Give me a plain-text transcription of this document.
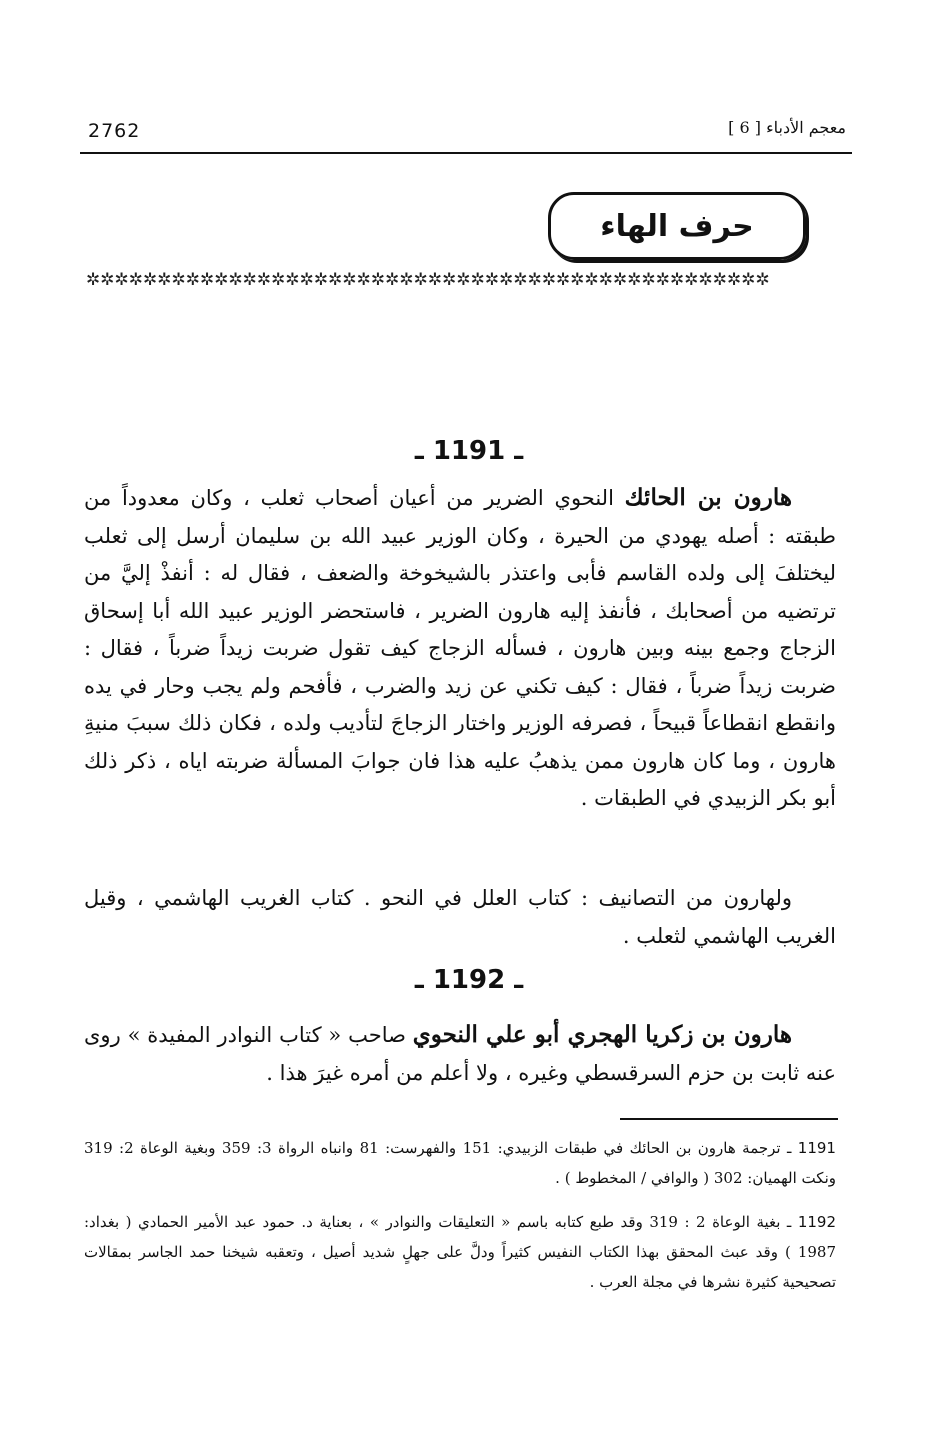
2762	معجم الأدباء [ 6 ]
حرف الهاء
✲✲✲✲✲✲✲✲✲✲✲✲✲✲✲✲✲✲✲✲✲✲✲✲✲✲✲✲✲✲✲✲✲✲✲✲✲✲✲✲✲✲✲✲✲✲✲✲
ـ 1191 ـ
هارون بن الحائك النحوي الضرير من أعيان أصحاب ثعلب ، وكان معدوداً من طبقته : أصله يهودي من الحيرة ، وكان الوزير عبيد الله بن سليمان أرسل إلى ثعلب ليختلفَ إلى ولده القاسم فأبى واعتذر بالشيخوخة والضعف ، فقال له : أنفذْ إليَّ من ترتضيه من أصحابك ، فأنفذ إليه هارون الضرير ، فاستحضر الوزير عبيد الله أبا إسحاق الزجاج وجمع بينه وبين هارون ، فسأله الزجاج كيف تقول ضربت زيداً ضرباً ، فقال : ضربت زيداً ضرباً ، فقال : كيف تكني عن زيد والضرب ، فأفحم ولم يجب وحار في يده وانقطع انقطاعاً قبيحاً ، فصرفه الوزير واختار الزجاجَ لتأديب ولده ، فكان ذلك سببَ منيةِ هارون ، وما كان هارون ممن يذهبُ عليه هذا فان جوابَ المسألة ضربته اياه ، ذكر ذلك أبو بكر الزبيدي في الطبقات .
ولهارون من التصانيف : كتاب العلل في النحو . كتاب الغريب الهاشمي ، وقيل الغريب الهاشمي لثعلب .
ـ 1192 ـ
هارون بن زكريا الهجري أبو علي النحوي صاحب « كتاب النوادر المفيدة » روى عنه ثابت بن حزم السرقسطي وغيره ، ولا أعلم من أمره غيرَ هذا .
1191 ـ ترجمة هارون بن الحائك في طبقات الزبيدي: 151 والفهرست: 81 وانباه الرواة 3: 359 وبغية الوعاة 2: 319 ونكت الهميان: 302 ( والوافي / المخطوط ) .
1192 ـ بغية الوعاة 2 : 319 وقد طبع كتابه باسم « التعليقات والنوادر » ، بعناية د. حمود عبد الأمير الحمادي ( بغداد: 1987 ) وقد عبث المحقق بهذا الكتاب النفيس كثيراً ودلَّ على جهلٍ شديد أصيل ، وتعقبه شيخنا حمد الجاسر بمقالات تصحيحية كثيرة نشرها في مجلة العرب .
